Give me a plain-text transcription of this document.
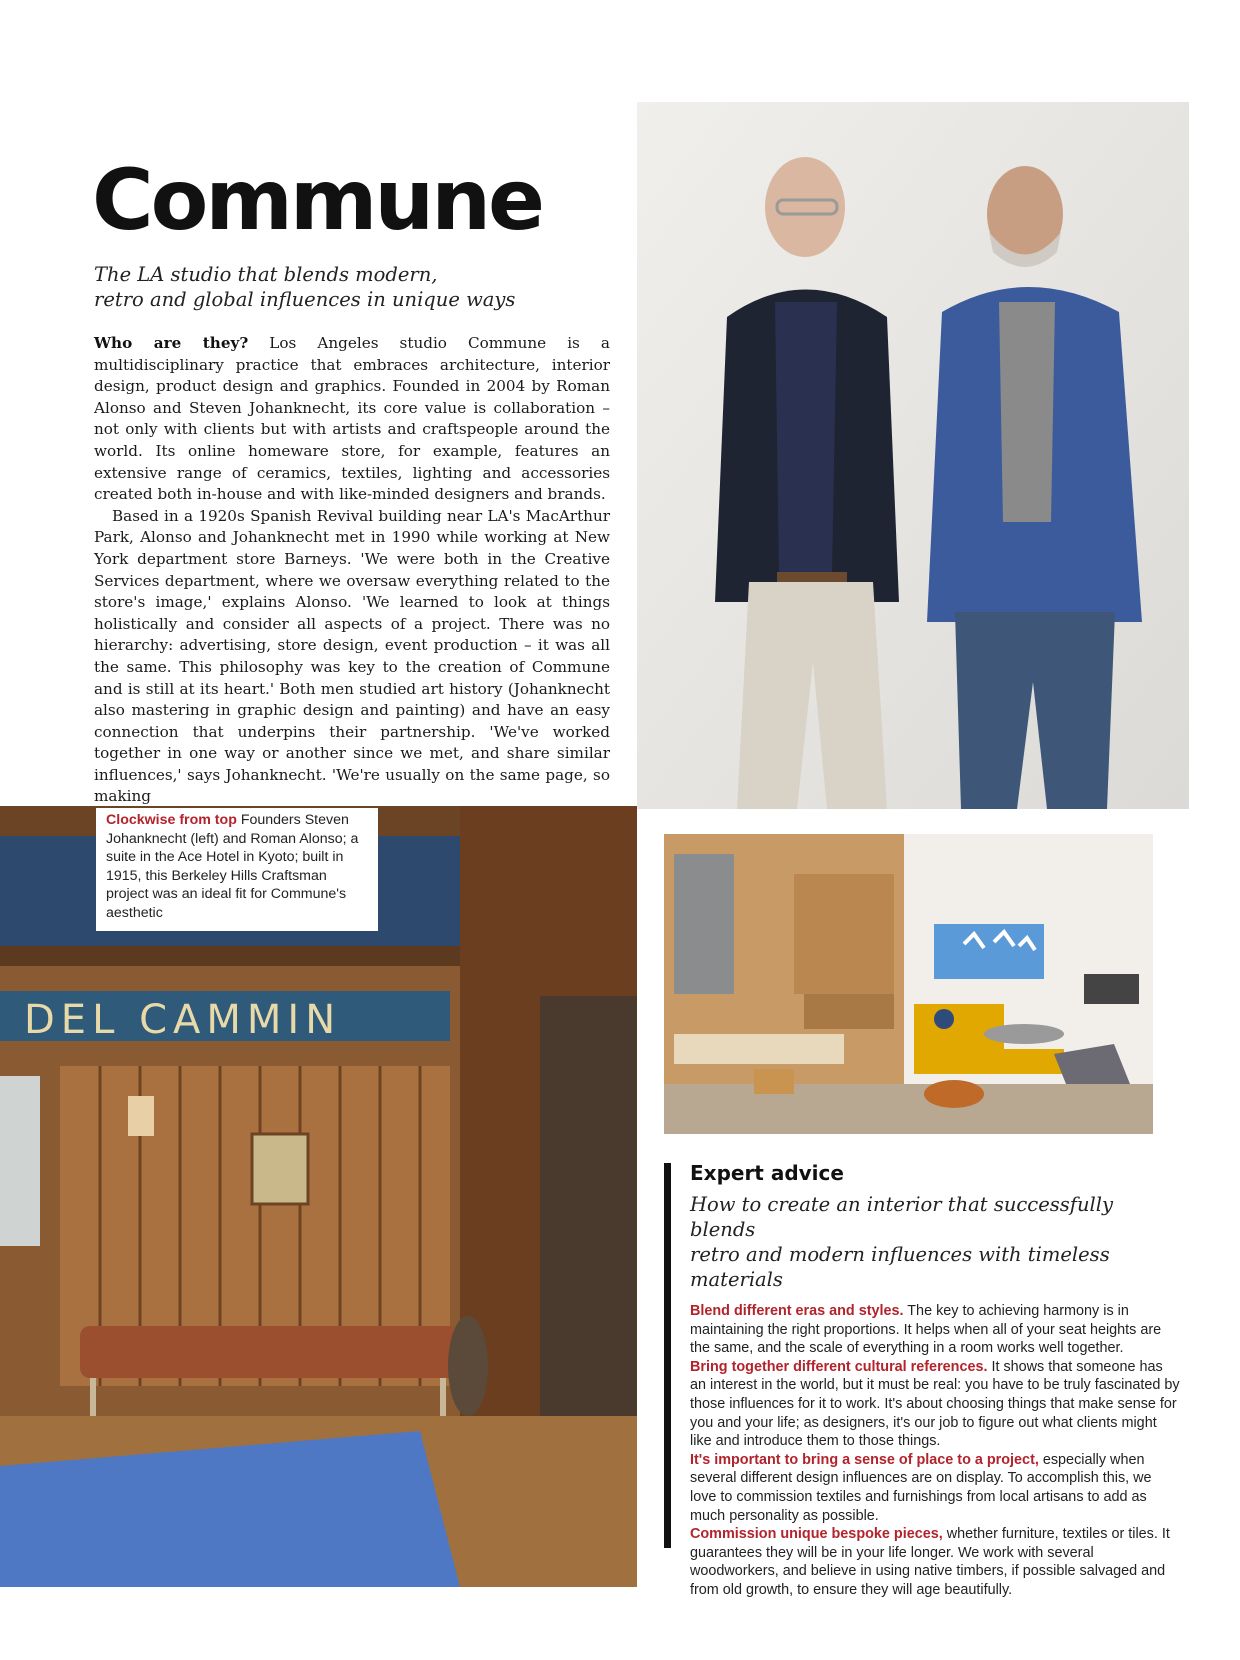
Commune

The LA studio that blends modern,
retro and global influences in unique ways

Who are they? Los Angeles studio Commune is a multidisciplinary practice that embraces architecture, interior design, product design and graphics. Founded in 2004 by Roman Alonso and Steven Johanknecht, its core value is collaboration – not only with clients but with artists and craftspeople around the world. Its online homeware store, for example, features an extensive range of ceramics, textiles, lighting and accessories created both in-house and with like-minded designers and brands.

Based in a 1920s Spanish Revival building near LA's MacArthur Park, Alonso and Johanknecht met in 1990 while working at New York department store Barneys. 'We were both in the Creative Services department, where we oversaw everything related to the store's image,' explains Alonso. 'We learned to look at things holistically and consider all aspects of a project. There was no hierarchy: advertising, store design, event production – it was all the same. This philosophy was key to the creation of Commune and is still at its heart.' Both men studied art history (Johanknecht also mastering in graphic design and painting) and have an easy connection that underpins their partnership. 'We've worked together in one way or another since we met, and share similar influences,' says Johanknecht. 'We're usually on the same page, so making

DEL CAMMIN
Clockwise from top Founders Steven Johanknecht (left) and Roman Alonso; a suite in the Ace Hotel in Kyoto; built in 1915, this Berkeley Hills Craftsman project was an ideal fit for Commune's aesthetic
Expert advice

How to create an interior that successfully blends
retro and modern influences with timeless materials

Blend different eras and styles. The key to achieving harmony is in maintaining the right proportions. It helps when all of your seat heights are the same, and the scale of everything in a room works well together.

Bring together different cultural references. It shows that someone has an interest in the world, but it must be real: you have to be truly fascinated by those influences for it to work. It's about choosing things that make sense for you and your life; as designers, it's our job to figure out what clients might like and introduce them to those things.

It's important to bring a sense of place to a project, especially when several different design influences are on display. To accomplish this, we love to commission textiles and furnishings from local artisans to add as much personality as possible.

Commission unique bespoke pieces, whether furniture, textiles or tiles. It guarantees they will be in your life longer. We work with several woodworkers, and believe in using native timbers, if possible salvaged and from old growth, to ensure they will age beautifully.
